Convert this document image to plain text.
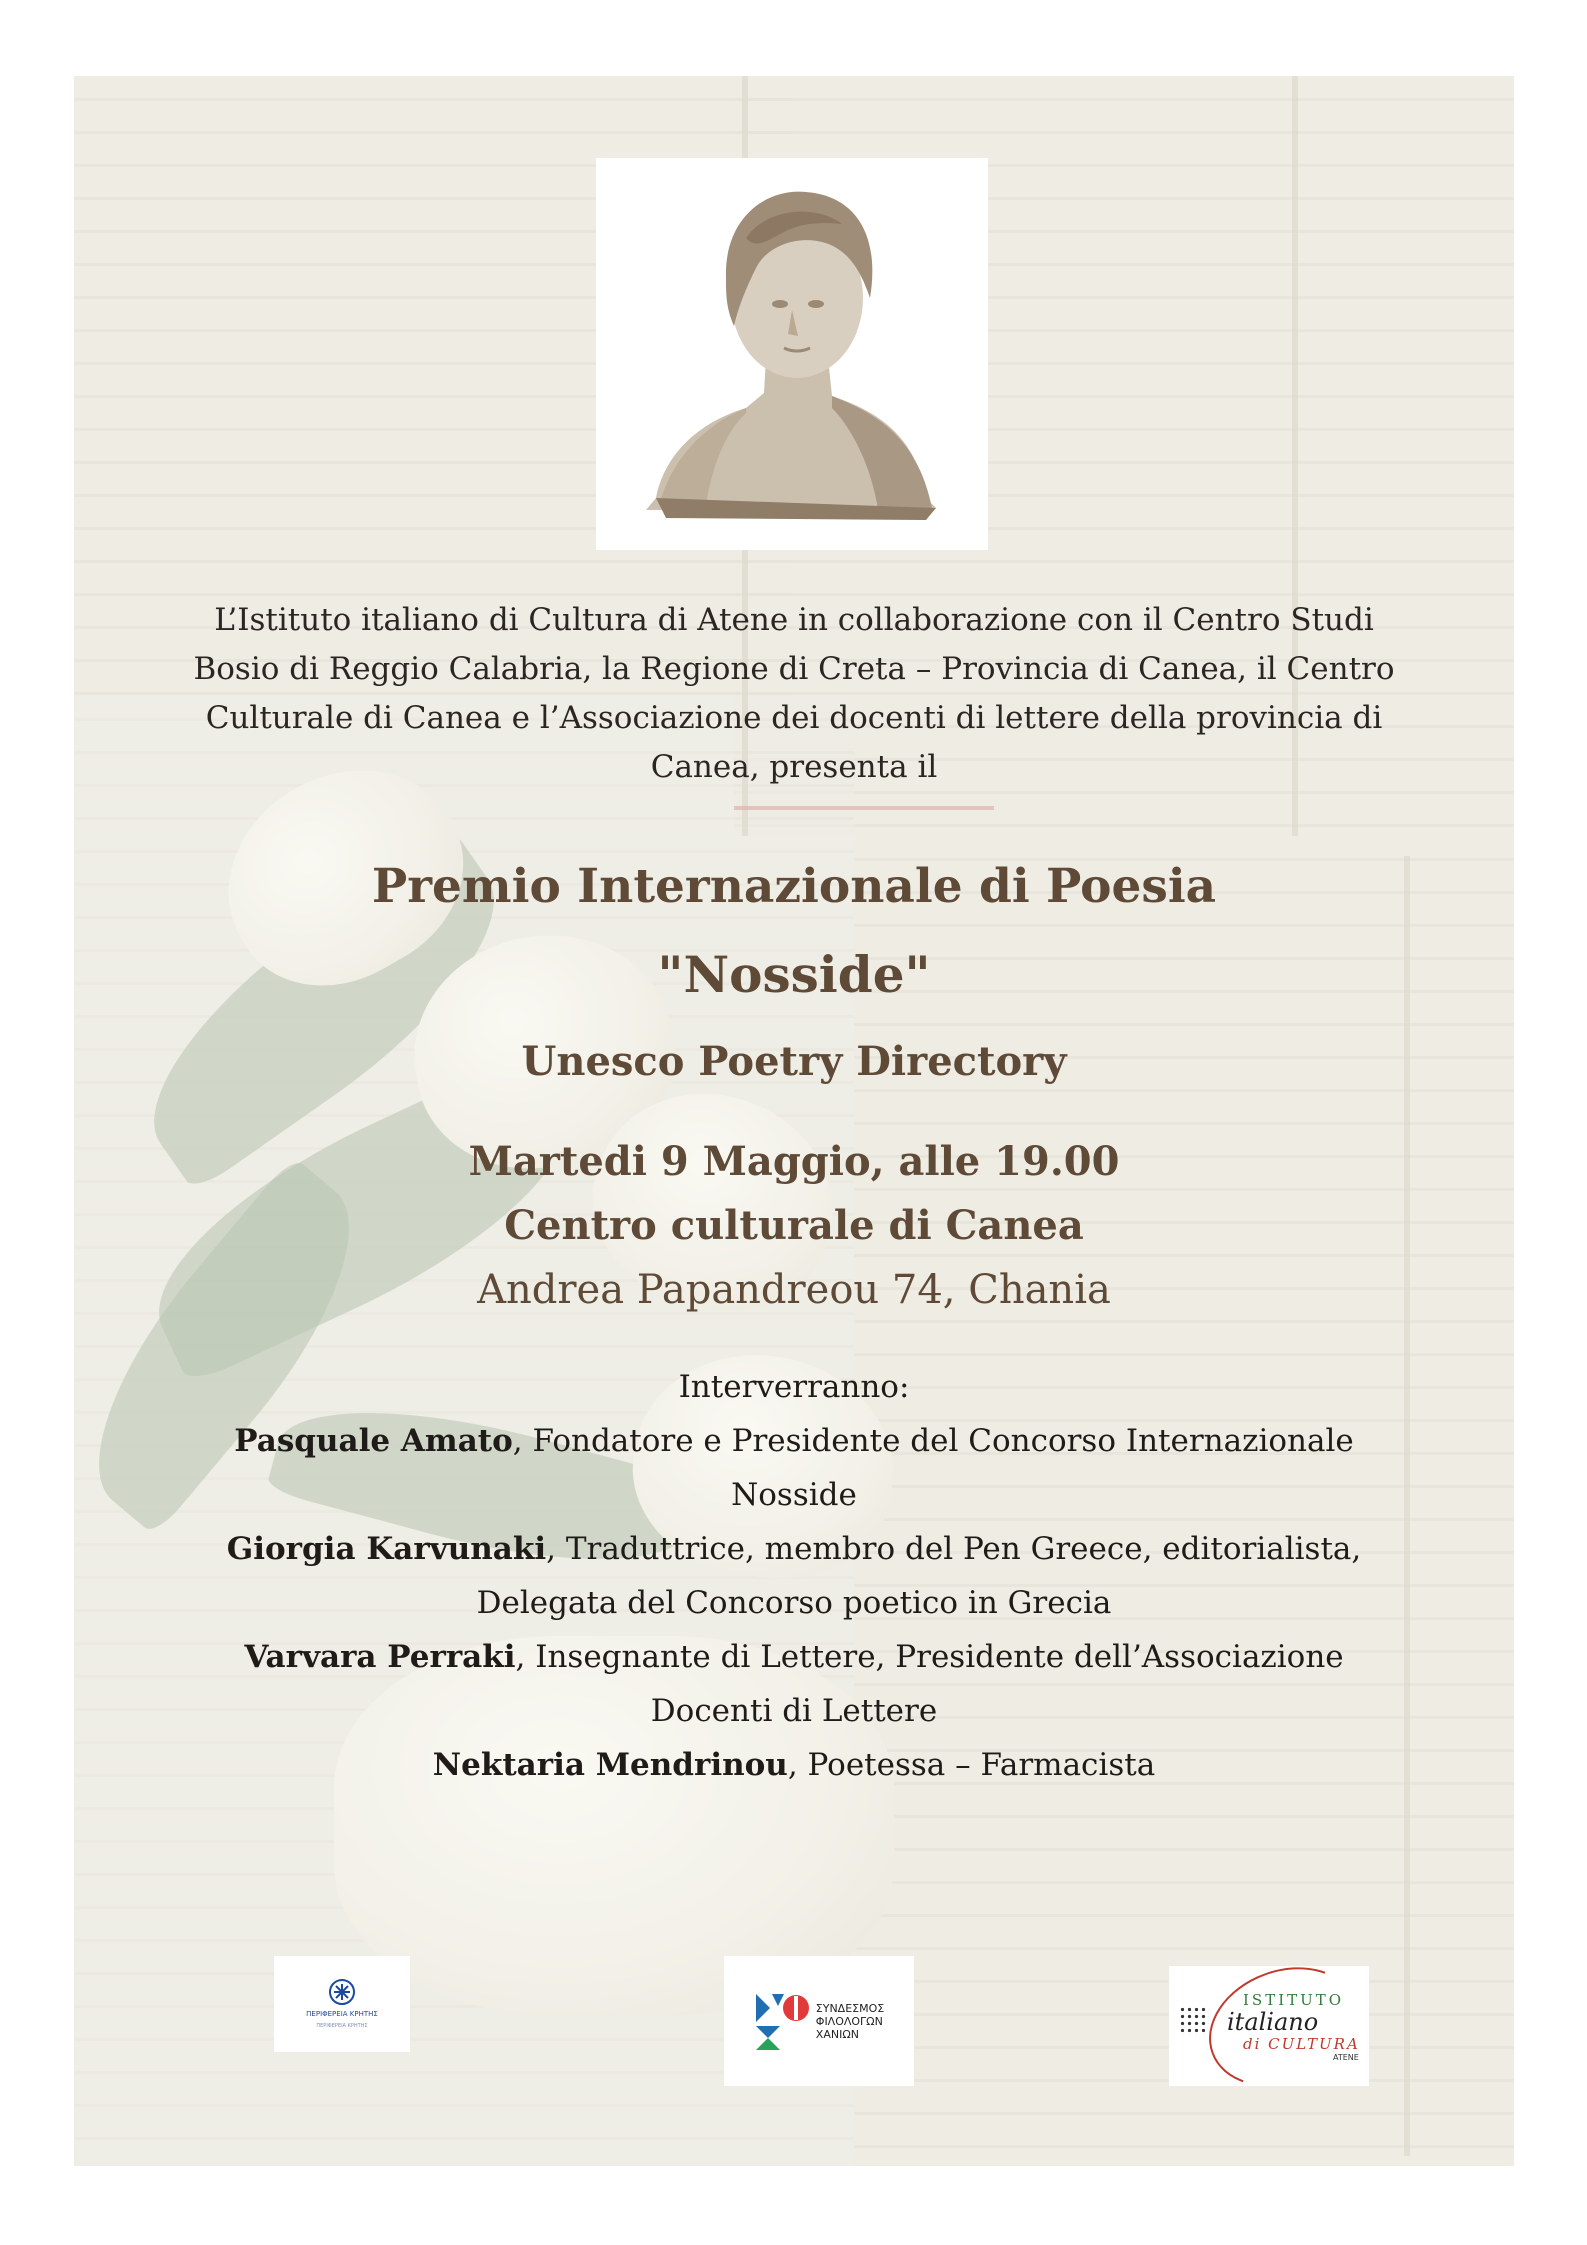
L’Istituto italiano di Cultura di Atene in collaborazione con il Centro Studi
Bosio di Reggio Calabria, la Regione di Creta – Provincia di Canea, il Centro
Culturale di Canea e l’Associazione dei docenti di lettere della provincia di
Canea, presenta il
Premio Internazionale di Poesia
"Nosside"
Unesco Poetry Directory
Martedi 9 Maggio, alle 19.00
Centro culturale di Canea
Andrea Papandreou 74, Chania
Interverranno:
Pasquale Amato, Fondatore e Presidente del Concorso Internazionale
Nosside
Giorgia Karvunaki, Traduttrice, membro del Pen Greece, editorialista,
Delegata del Concorso poetico in Grecia
Varvara Perraki, Insegnante di Lettere, Presidente dell’Associazione
Docenti di Lettere
Nektaria Mendrinou, Poetessa – Farmacista
ΠΕΡΙΦΕΡΕΙΑ ΚΡΗΤΗΣ
ΠΕΡΙΦΕΡΕΙΑ ΚΡΗΤΗΣ
ΣΥΝΔΕΣΜΟΣ
ΦΙΛΟΛΟΓΩΝ
ΧΑΝΙΩΝ
ISTITUTO
italiano
di CULTURA
ATENE
